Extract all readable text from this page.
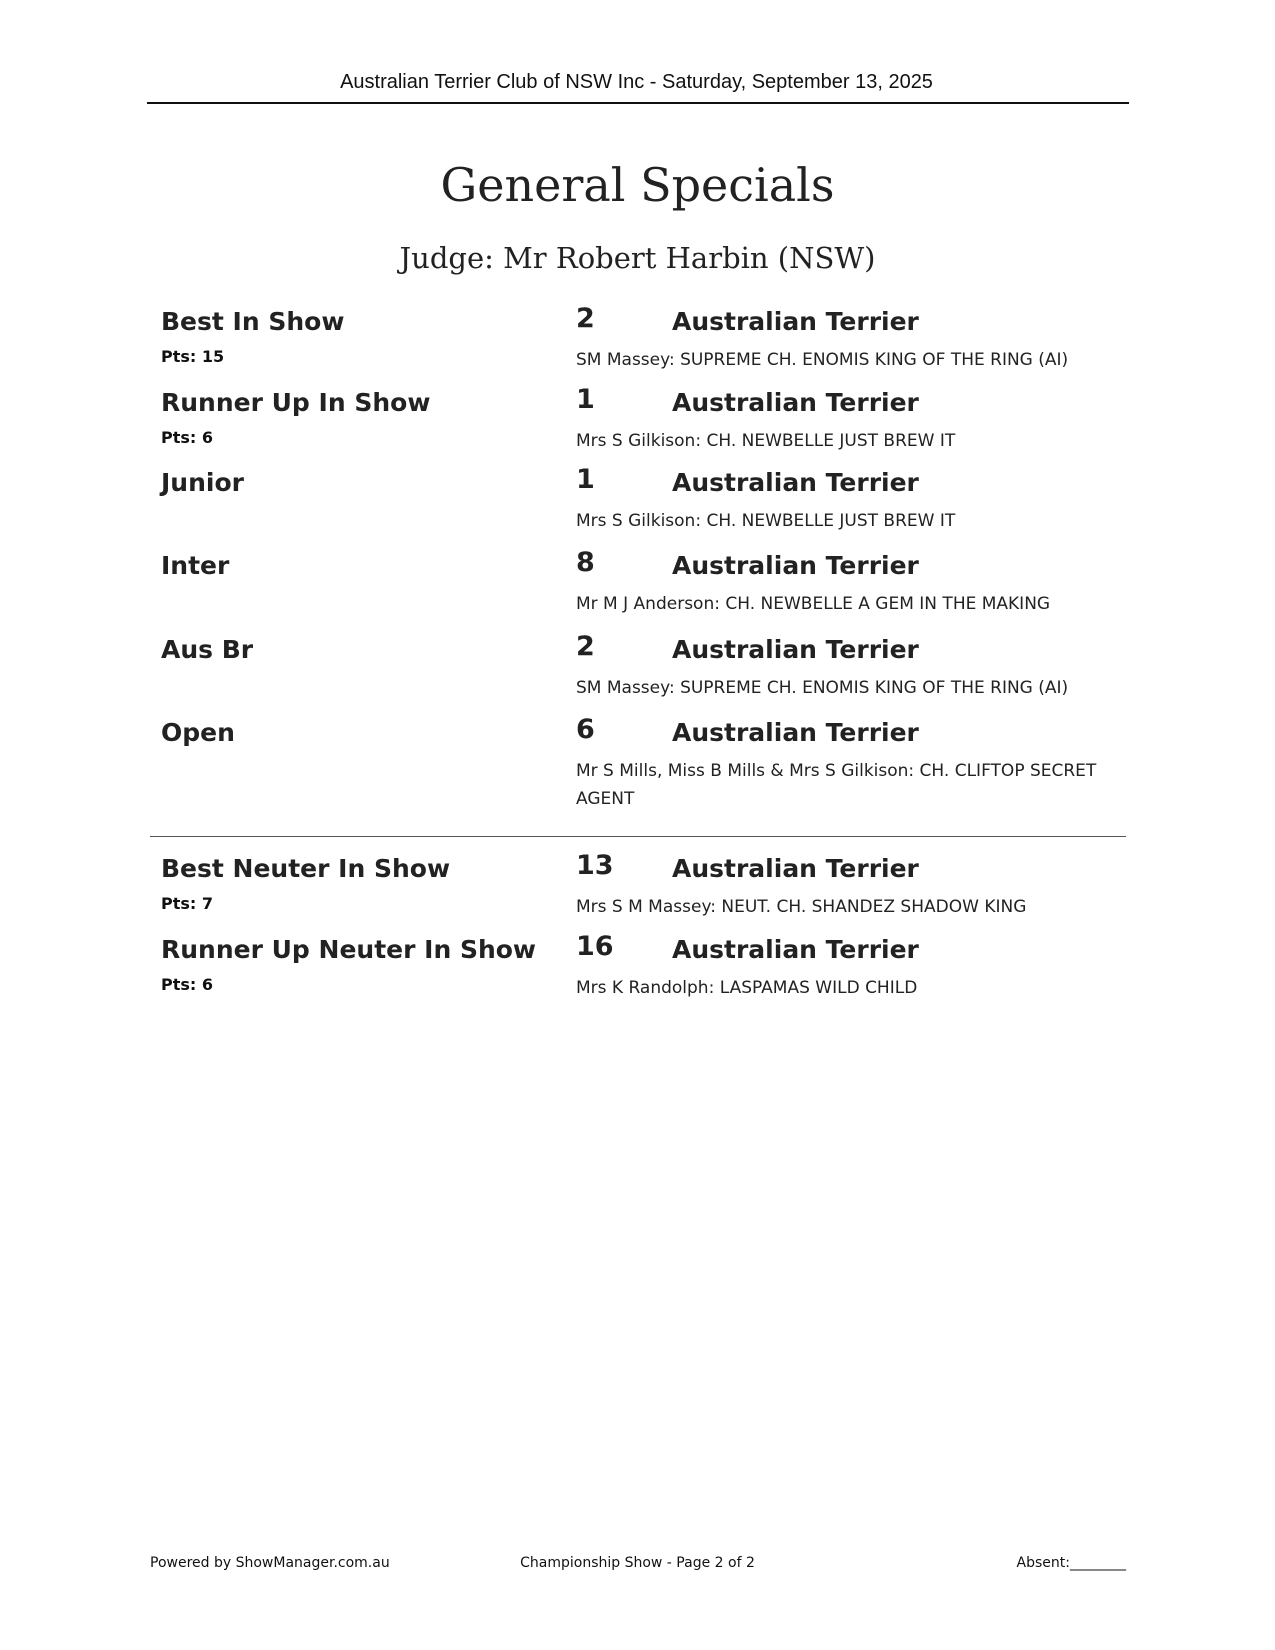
Australian Terrier Club of NSW Inc - Saturday, September 13, 2025
General Specials
Judge: Mr Robert Harbin (NSW)
Best In Show
Pts: 15
2	Australian Terrier
SM Massey: SUPREME CH. ENOMIS KING OF THE RING (AI)
Runner Up In Show
Pts: 6
1	Australian Terrier
Mrs S Gilkison: CH. NEWBELLE JUST BREW IT
Junior	1	Australian Terrier
Mrs S Gilkison: CH. NEWBELLE JUST BREW IT
Inter	8	Australian Terrier
Mr M J Anderson: CH. NEWBELLE A GEM IN THE MAKING
Aus Br	2	Australian Terrier
SM Massey: SUPREME CH. ENOMIS KING OF THE RING (AI)
Open	6	Australian Terrier
Mr S Mills, Miss B Mills & Mrs S Gilkison: CH. CLIFTOP SECRET AGENT
Best Neuter In Show
Pts: 7
13 Australian Terrier
Mrs S M Massey: NEUT. CH. SHANDEZ SHADOW KING
Runner Up Neuter In Show
Pts: 6
16 Australian Terrier
Mrs K Randolph: LASPAMAS WILD CHILD
Powered by ShowManager.com.au	Championship Show - Page 2 of 2	Absent:________
